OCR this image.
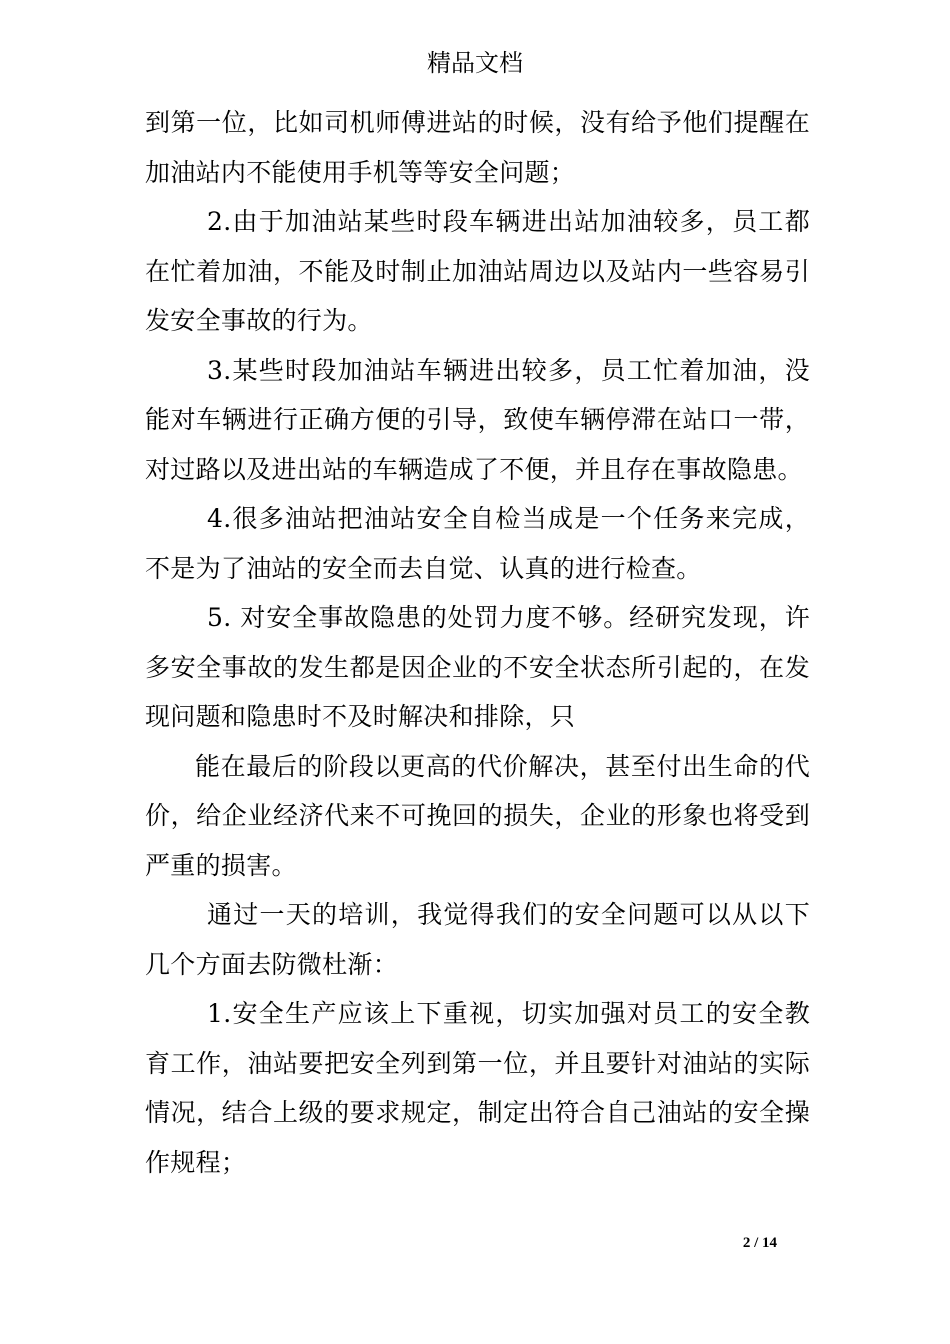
精品文档

到第一位，比如司机师傅进站的时候，没有给予他们提醒在加油站内不能使用手机等等安全问题；

2.由于加油站某些时段车辆进出站加油较多，员工都在忙着加油，不能及时制止加油站周边以及站内一些容易引发安全事故的行为。

3.某些时段加油站车辆进出较多，员工忙着加油，没能对车辆进行正确方便的引导，致使车辆停滞在站口一带，对过路以及进出站的车辆造成了不便，并且存在事故隐患。

4.很多油站把油站安全自检当成是一个任务来完成，不是为了油站的安全而去自觉、认真的进行检查。

5. 对安全事故隐患的处罚力度不够。经研究发现，许多安全事故的发生都是因企业的不安全状态所引起的，在发现问题和隐患时不及时解决和排除，只

能在最后的阶段以更高的代价解决，甚至付出生命的代价，给企业经济代来不可挽回的损失，企业的形象也将受到严重的损害。

通过一天的培训，我觉得我们的安全问题可以从以下几个方面去防微杜渐：

1.安全生产应该上下重视，切实加强对员工的安全教育工作，油站要把安全列到第一位，并且要针对油站的实际情况，结合上级的要求规定，制定出符合自己油站的安全操作规程；

2 / 14
